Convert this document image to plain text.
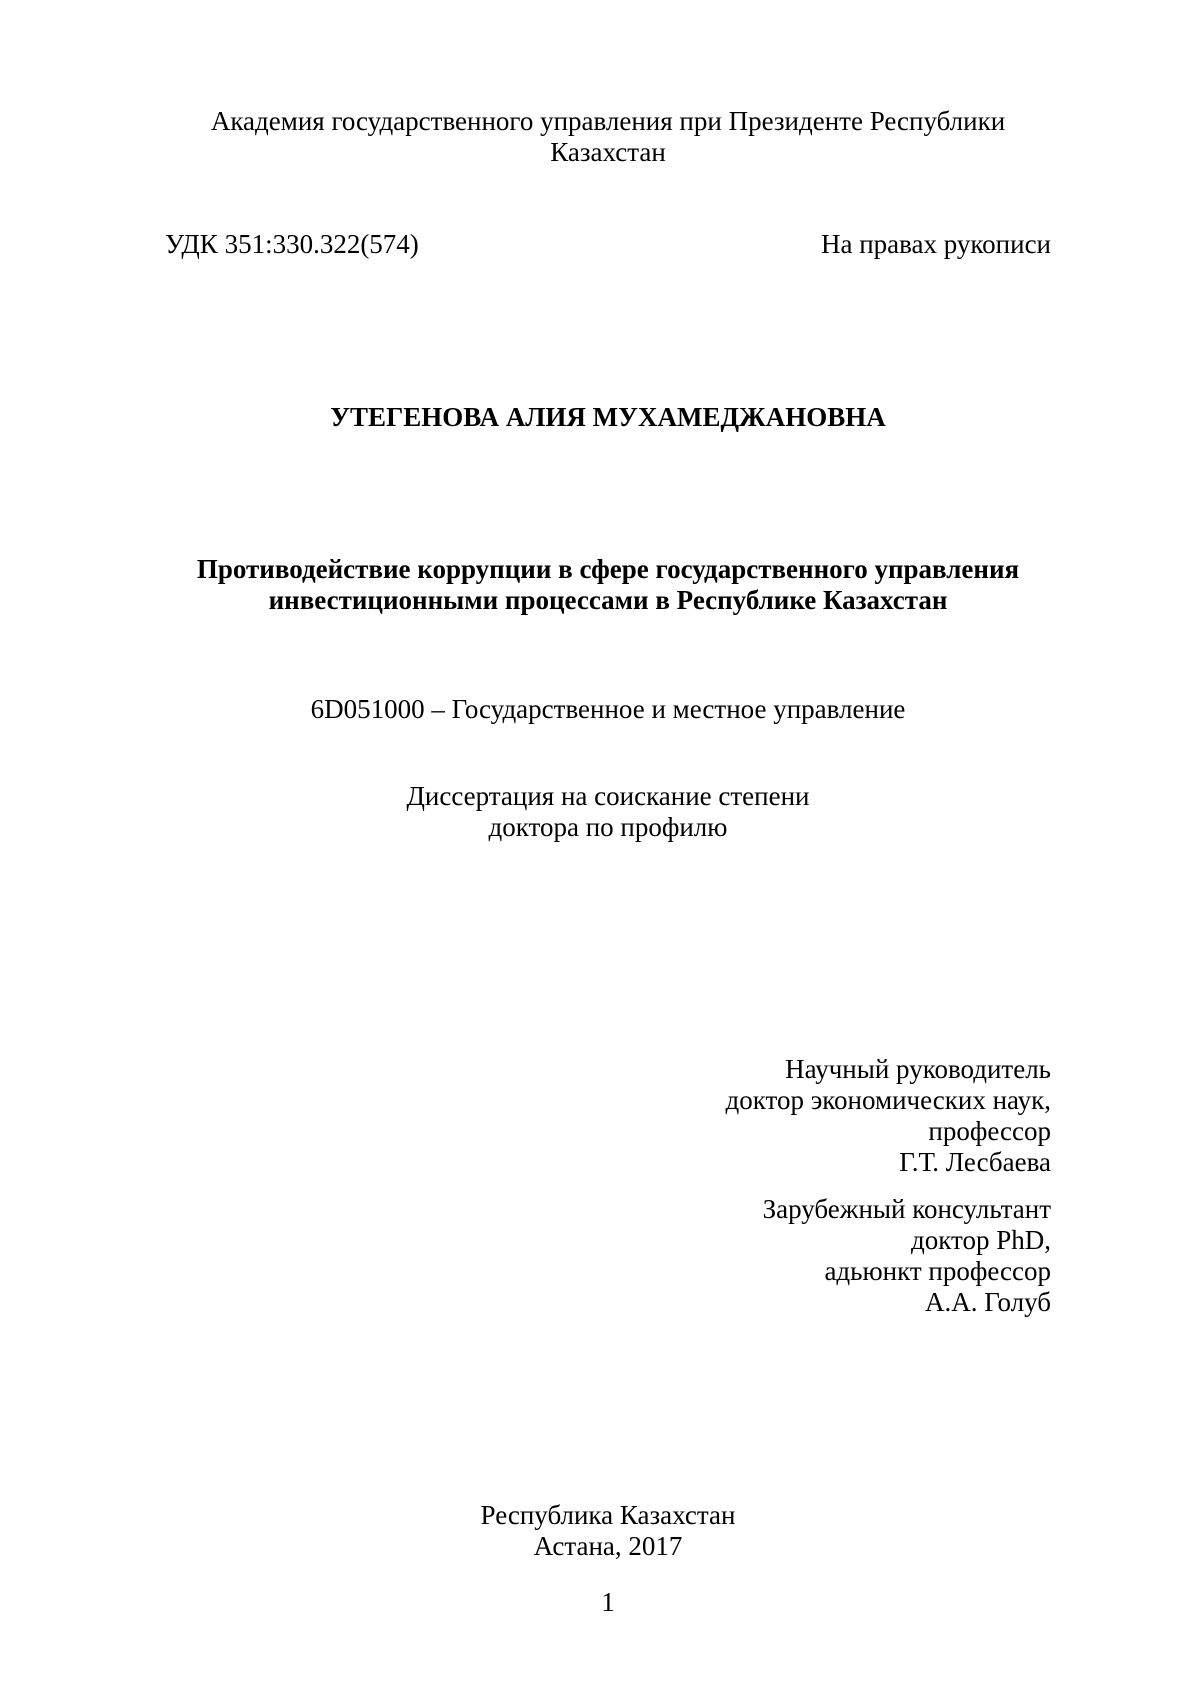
Академия государственного управления при Президенте Республики Казахстан
УДК 351:330.322(574)	На правах рукописи
УТЕГЕНОВА АЛИЯ МУХАМЕДЖАНОВНА
Противодействие коррупции в сфере государственного управления
инвестиционными процессами в Республике Казахстан
6D051000 – Государственное и местное управление
Диссертация на соискание степени
доктора по профилю
Научный руководитель
доктор экономических наук,
профессор
Г.Т. Лесбаева
Зарубежный консультант
доктор PhD,
адьюнкт профессор
А.А. Голуб
Республика Казахстан
Астана, 2017
1
